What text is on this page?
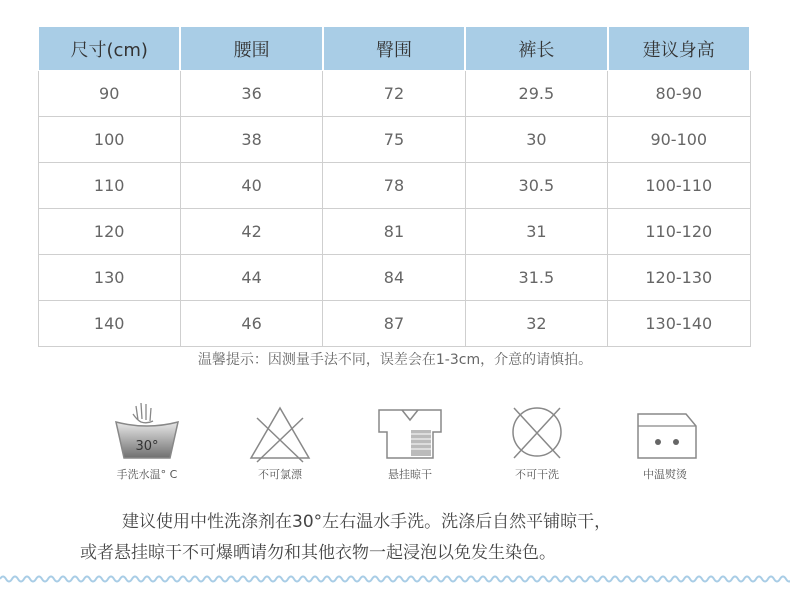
尺寸(cm)	腰围	臀围	裤长	建议身高
90	36	72	29.5	80-90
100	38	75	30	90-100
110	40	78	30.5	100-110
120	42	81	31	110-120
130	44	84	31.5	120-130
140	46	87	32	130-140
温馨提示：因测量手法不同，误差会在1-3cm，介意的请慎拍。
30°
手洗水温° C	不可氯漂	悬挂晾干	不可干洗	中温熨烫
建议使用中性洗涤剂在30°左右温水手洗。洗涤后自然平铺晾干，
或者悬挂晾干不可爆晒请勿和其他衣物一起浸泡以免发生染色。
